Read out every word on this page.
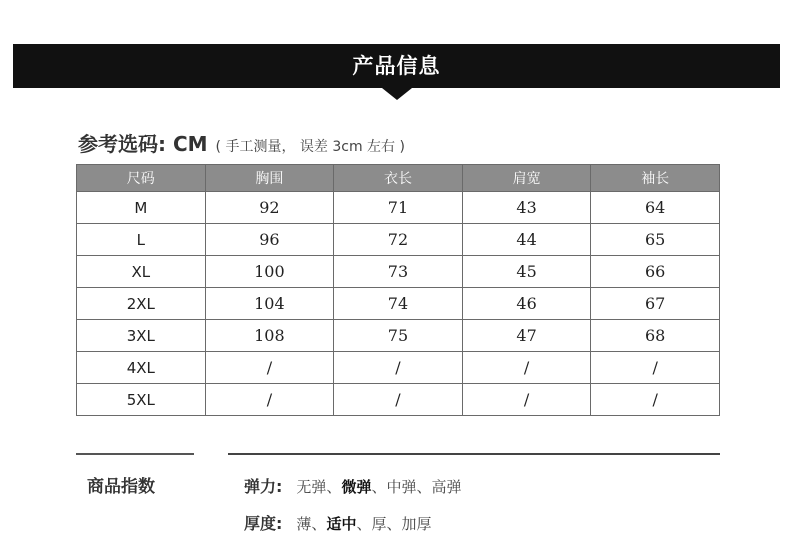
产品信息
参考选码: CM ( 手工测量， 误差 3cm 左右 )
尺码	胸围	衣长	肩宽	袖长
M	92	71	43	64
L	96	72	44	65
XL	100	73	45	66
2XL	104	74	46	67
3XL	108	75	47	68
4XL	/	/	/	/
5XL	/	/	/	/
商品指数	弹力: 无弹、微弹、中弹、高弹
厚度: 薄、适中、厚、加厚
